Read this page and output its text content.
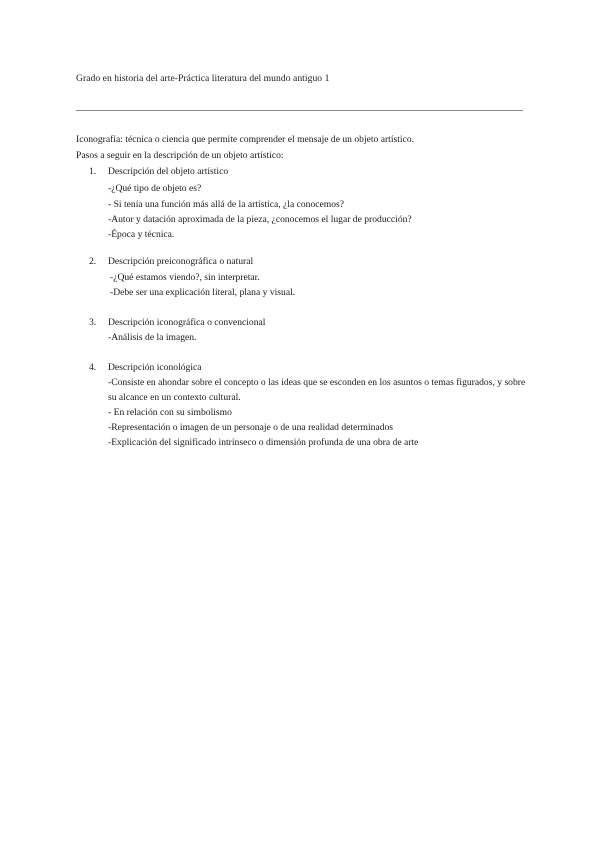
Grado en historia del arte-Práctica literatura del mundo antiguo 1
Iconografía: técnica o ciencia que permite comprender el mensaje de un objeto artístico.
Pasos a seguir en la descripción de un objeto artístico:
1. Descripción del objeto artístico
-¿Qué tipo de objeto es?
- Si tenía una función más allá de la artística, ¿la conocemos?
-Autor y datación aproximada de la pieza, ¿conocemos el lugar de producción?
-Época y técnica.
2. Descripción preiconográfica o natural
-¿Qué estamos viendo?, sin interpretar.
-Debe ser una explicación literal, plana y visual.
3. Descripción iconográfica o convencional
-Análisis de la imagen.
4. Descripción iconológica
-Consiste en ahondar sobre el concepto o las ideas que se esconden en los asuntos o temas figurados, y sobre
su alcance en un contexto cultural.
- En relación con su simbolismo
-Representación o imagen de un personaje o de una realidad determinados
-Explicación del significado intrínseco o dimensión profunda de una obra de arte
